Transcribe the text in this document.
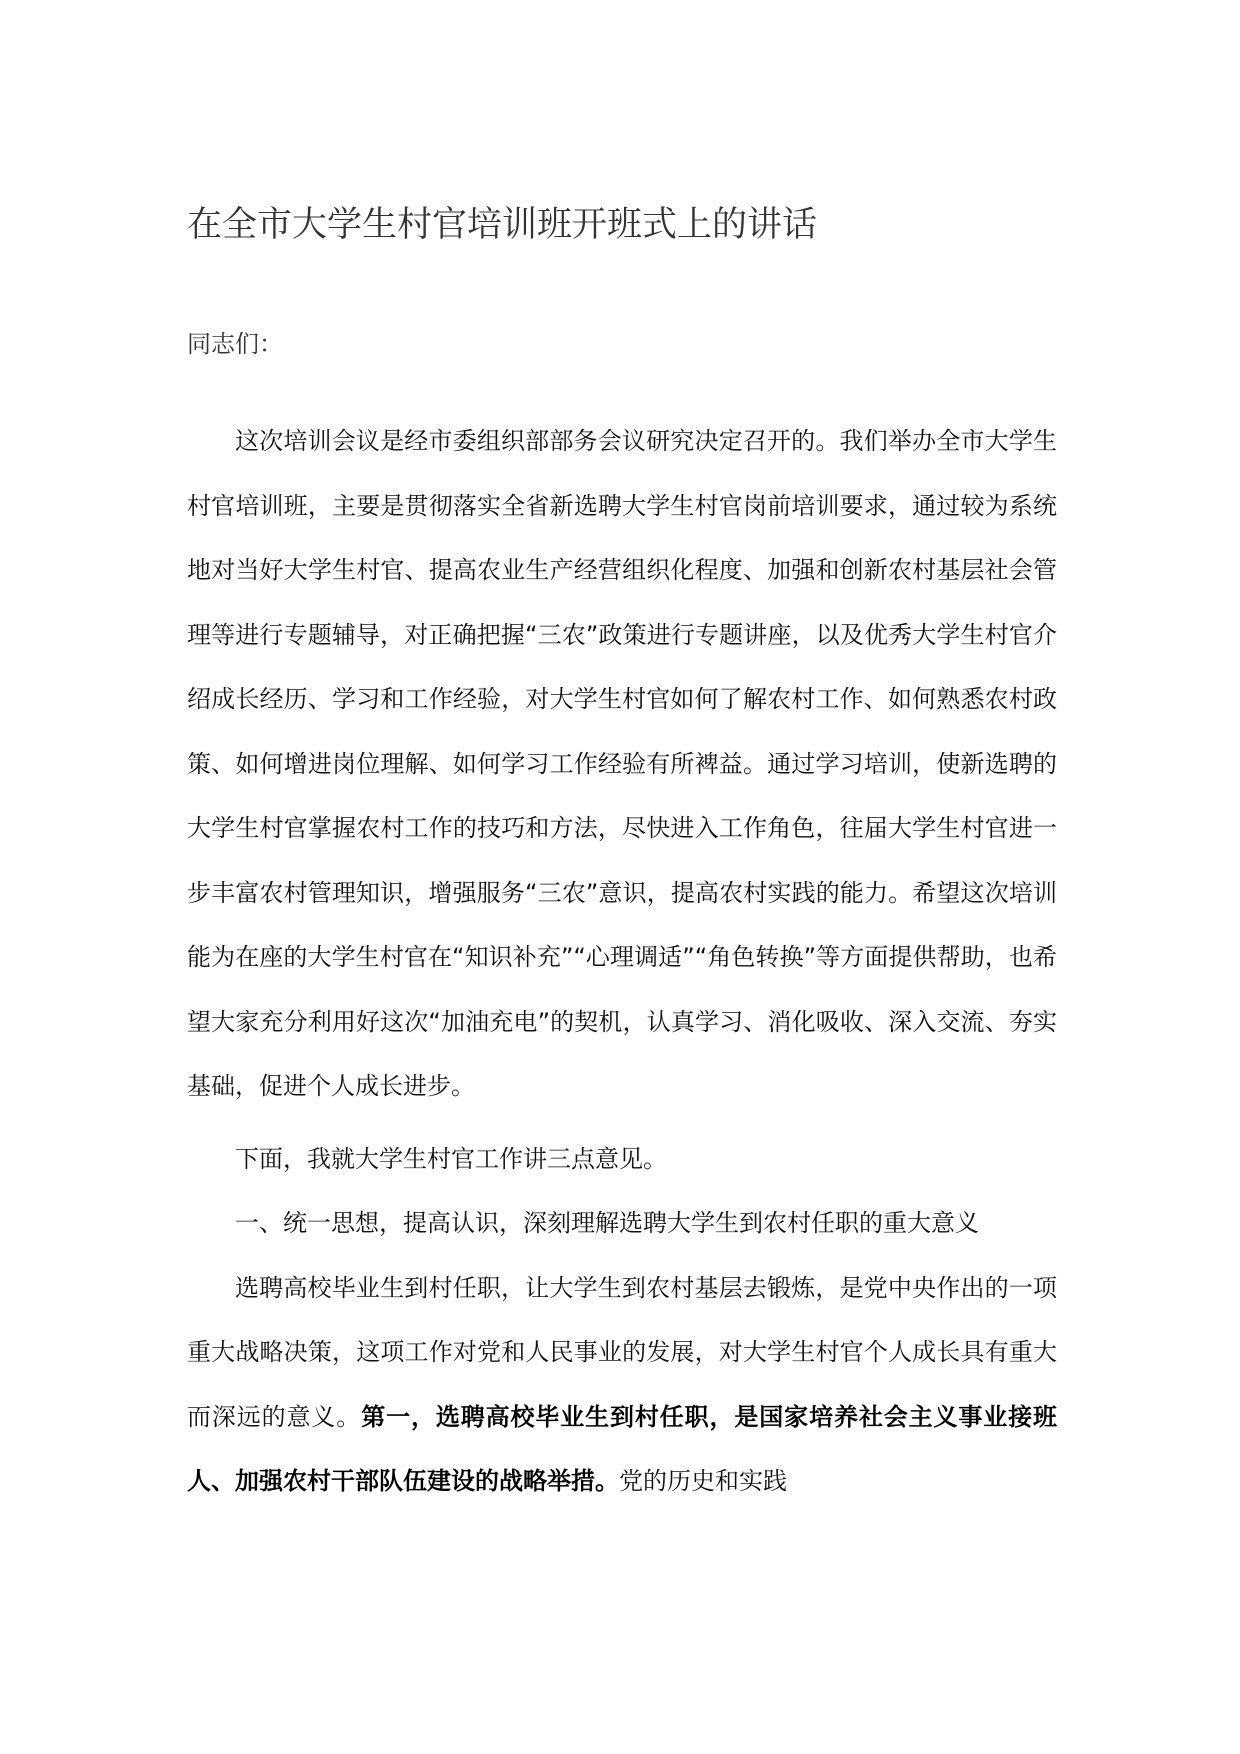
在全市大学生村官培训班开班式上的讲话

同志们：

这次培训会议是经市委组织部部务会议研究决定召开的。我们举办全市大学生村官培训班，主要是贯彻落实全省新选聘大学生村官岗前培训要求，通过较为系统地对当好大学生村官、提高农业生产经营组织化程度、加强和创新农村基层社会管理等进行专题辅导，对正确把握“三农”政策进行专题讲座，以及优秀大学生村官介绍成长经历、学习和工作经验，对大学生村官如何了解农村工作、如何熟悉农村政策、如何增进岗位理解、如何学习工作经验有所裨益。通过学习培训，使新选聘的大学生村官掌握农村工作的技巧和方法，尽快进入工作角色，往届大学生村官进一步丰富农村管理知识，增强服务“三农”意识，提高农村实践的能力。希望这次培训能为在座的大学生村官在“知识补充”“心理调适”“角色转换”等方面提供帮助，也希望大家充分利用好这次“加油充电”的契机，认真学习、消化吸收、深入交流、夯实基础，促进个人成长进步。

下面，我就大学生村官工作讲三点意见。

一、统一思想，提高认识，深刻理解选聘大学生到农村任职的重大意义

选聘高校毕业生到村任职，让大学生到农村基层去锻炼，是党中央作出的一项重大战略决策，这项工作对党和人民事业的发展，对大学生村官个人成长具有重大而深远的意义。第一，选聘高校毕业生到村任职，是国家培养社会主义事业接班人、加强农村干部队伍建设的战略举措。党的历史和实践
